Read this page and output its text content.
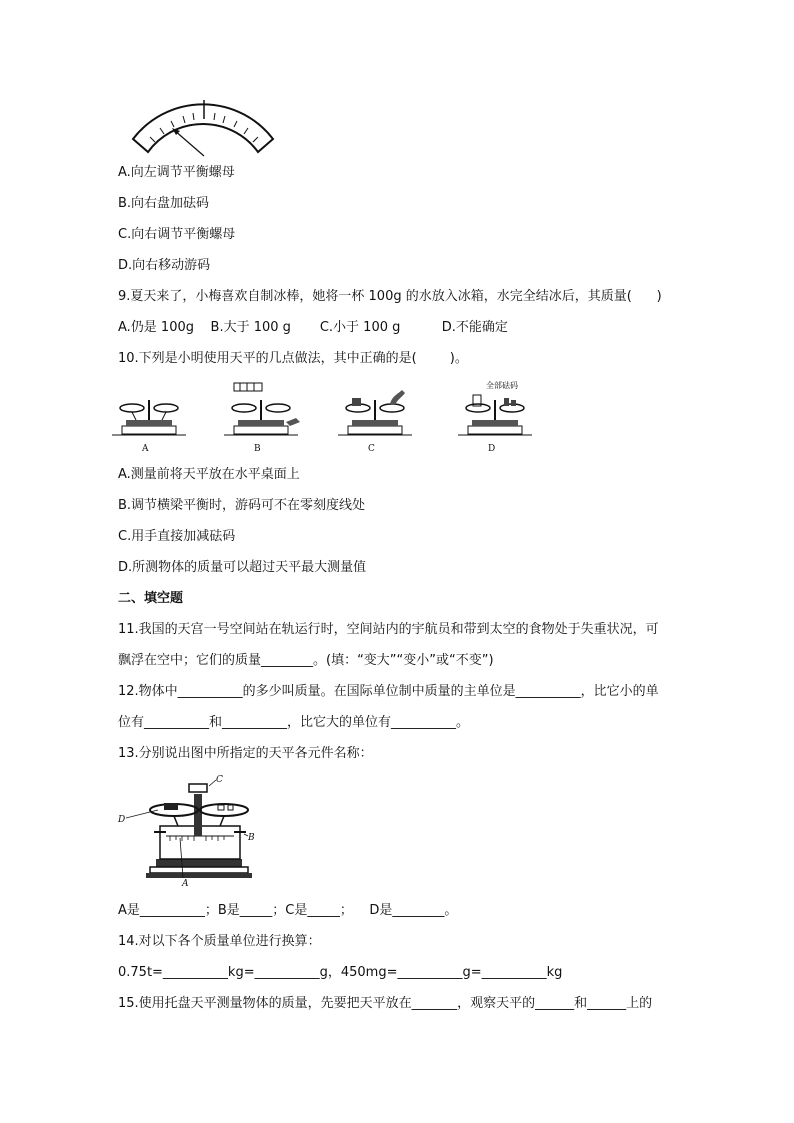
A.向左调节平衡螺母
B.向右盘加砝码
C.向右调节平衡螺母
D.向右移动游码
9.夏天来了，小梅喜欢自制冰棒，她将一杯 100g 的水放入冰箱，水完全结冰后，其质量(      )
A.仍是 100g    B.大于 100 g       C.小于 100 g          D.不能确定
10.下列是小明使用天平的几点做法，其中正确的是(        )。
A	B	C
全部砝码
D
A.测量前将天平放在水平桌面上
B.调节横梁平衡时，游码可不在零刻度线处
C.用手直接加减砝码
D.所测物体的质量可以超过天平最大测量值
二、填空题
11.我国的天宫一号空间站在轨运行时，空间站内的宇航员和带到太空的食物处于失重状况，可
飘浮在空中；它们的质量________。(填：“变大”“变小”或“不变”)
12.物体中__________的多少叫质量。在国际单位制中质量的主单位是__________，比它小的单
位有__________和__________，比它大的单位有__________。
13.分别说出图中所指定的天平各元件名称：
D
C
B
A
A是__________；B是_____；C是_____；    D是________。
14.对以下各个质量单位进行换算：
0.75t=__________kg=__________g，450mg=__________g=__________kg
15.使用托盘天平测量物体的质量，先要把天平放在_______，观察天平的______和______上的
